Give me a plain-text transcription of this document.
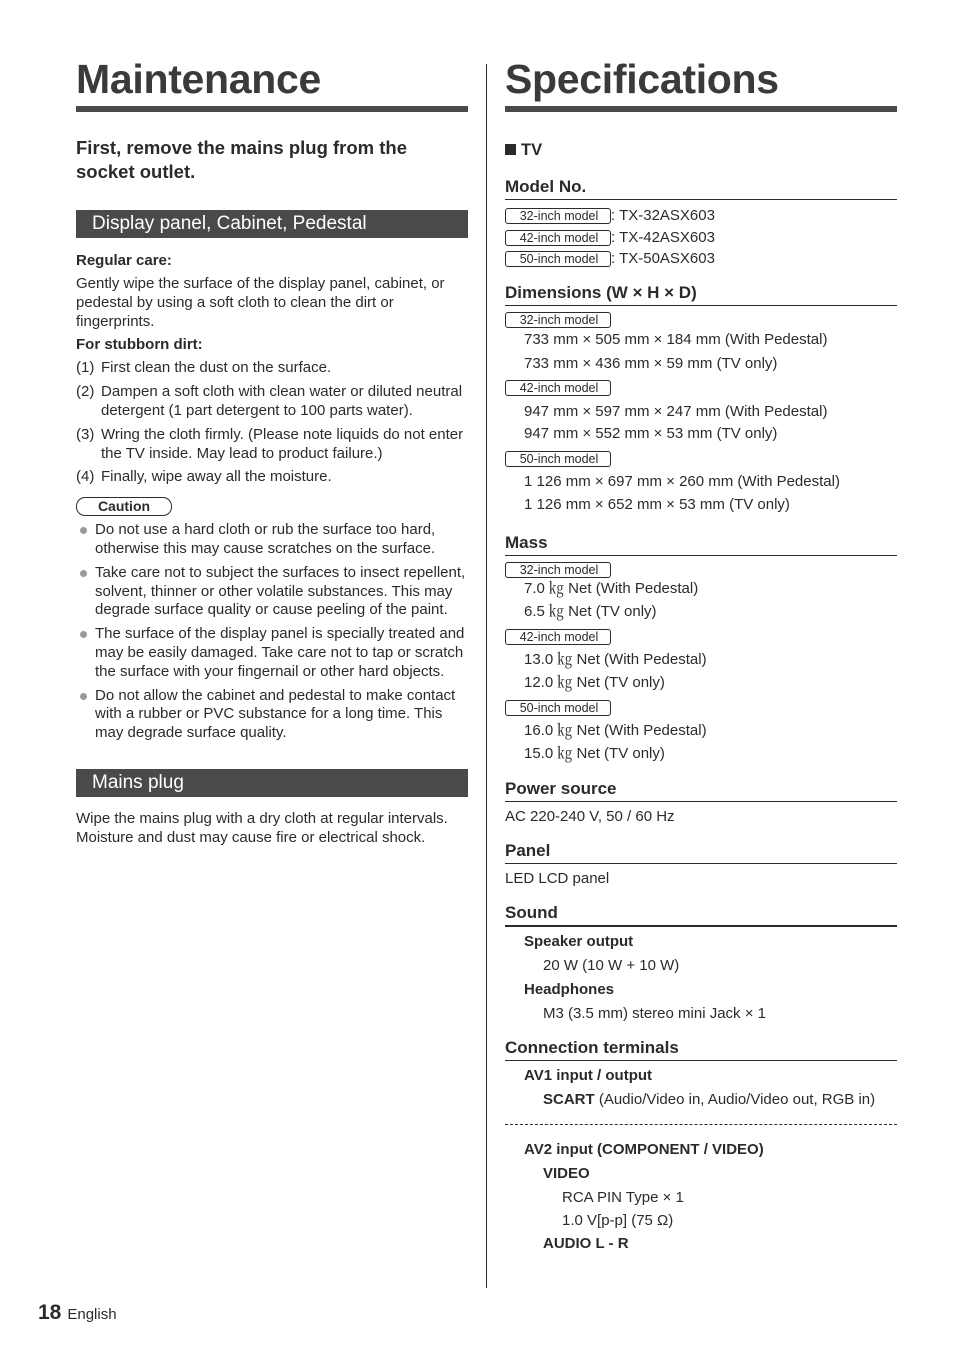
Maintenance

First, remove the mains plug from the socket outlet.

Display panel, Cabinet, Pedestal

Regular care:

Gently wipe the surface of the display panel, cabinet, or pedestal by using a soft cloth to clean the dirt or fingerprints.

For stubborn dirt:

(1) First clean the dust on the surface.
(2) Dampen a soft cloth with clean water or diluted neutral detergent (1 part detergent to 100 parts water).
(3) Wring the cloth firmly. (Please note liquids do not enter the TV inside. May lead to product failure.)
(4) Finally, wipe away all the moisture.
Caution
Do not use a hard cloth or rub the surface too hard, otherwise this may cause scratches on the surface.
Take care not to subject the surfaces to insect repellent, solvent, thinner or other volatile substances. This may degrade surface quality or cause peeling of the paint.
The surface of the display panel is specially treated and may be easily damaged. Take care not to tap or scratch the surface with your fingernail or other hard objects.
Do not allow the cabinet and pedestal to make contact with a rubber or PVC substance for a long time. This may degrade surface quality.
Mains plug

Wipe the mains plug with a dry cloth at regular intervals. Moisture and dust may cause fire or electrical shock.

Specifications
TV
Model No.
32-inch model : TX-32ASX603
42-inch model : TX-42ASX603
50-inch model : TX-50ASX603
Dimensions (W × H × D)
32-inch model
733 mm × 505 mm × 184 mm (With Pedestal)
733 mm × 436 mm × 59 mm (TV only)
42-inch model
947 mm × 597 mm × 247 mm (With Pedestal)
947 mm × 552 mm × 53 mm (TV only)
50-inch model
1 126 mm × 697 mm × 260 mm (With Pedestal)
1 126 mm × 652 mm × 53 mm (TV only)
Mass
32-inch model
7.0 ㎏ Net (With Pedestal)
6.5 ㎏ Net (TV only)
42-inch model
13.0 ㎏ Net (With Pedestal)
12.0 ㎏ Net (TV only)
50-inch model
16.0 ㎏ Net (With Pedestal)
15.0 ㎏ Net (TV only)
Power source
AC 220-240 V, 50 / 60 Hz
Panel
LED LCD panel
Sound
Speaker output
20 W (10 W + 10 W)
Headphones
M3 (3.5 mm) stereo mini Jack × 1
Connection terminals
AV1 input / output
SCART (Audio/Video in, Audio/Video out, RGB in)
AV2 input (COMPONENT / VIDEO)
VIDEO
RCA PIN Type × 1
1.0 V[p-p] (75 Ω)
AUDIO L - R
18 English
